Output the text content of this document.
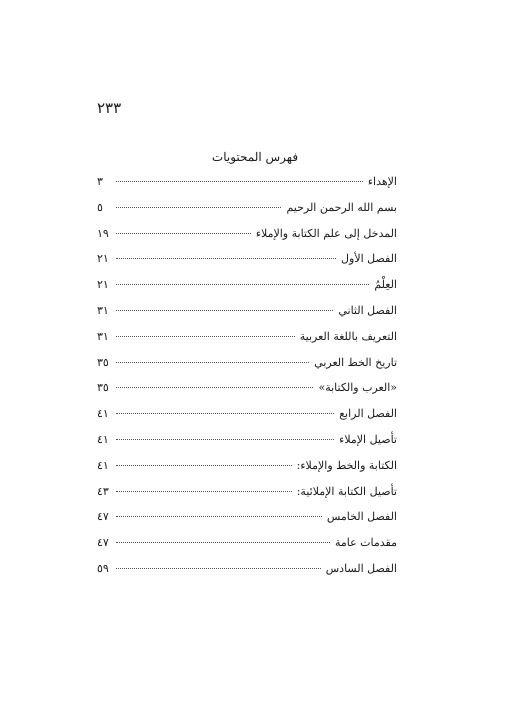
٢٣٣
فهرس المحتويات
الإهداء
٣
بسم الله الرحمن الرحيم
٥
المدخل إلى علم الكتابة والإملاء
١٩
الفصل الأول
٢١
العِلْمُ
٢١
الفصل الثاني
٣١
التعريف باللغة العربية
٣١
تاريخ الخط العربي
٣٥
«العرب والكتابة»
٣٥
الفصل الرابع
٤١
تأصيل الإملاء
٤١
الكتابة والخط والإملاء:
٤١
تأصيل الكتابة الإملائية:
٤٣
الفصل الخامس
٤٧
مقدمات عامة
٤٧
الفصل السادس
٥٩
